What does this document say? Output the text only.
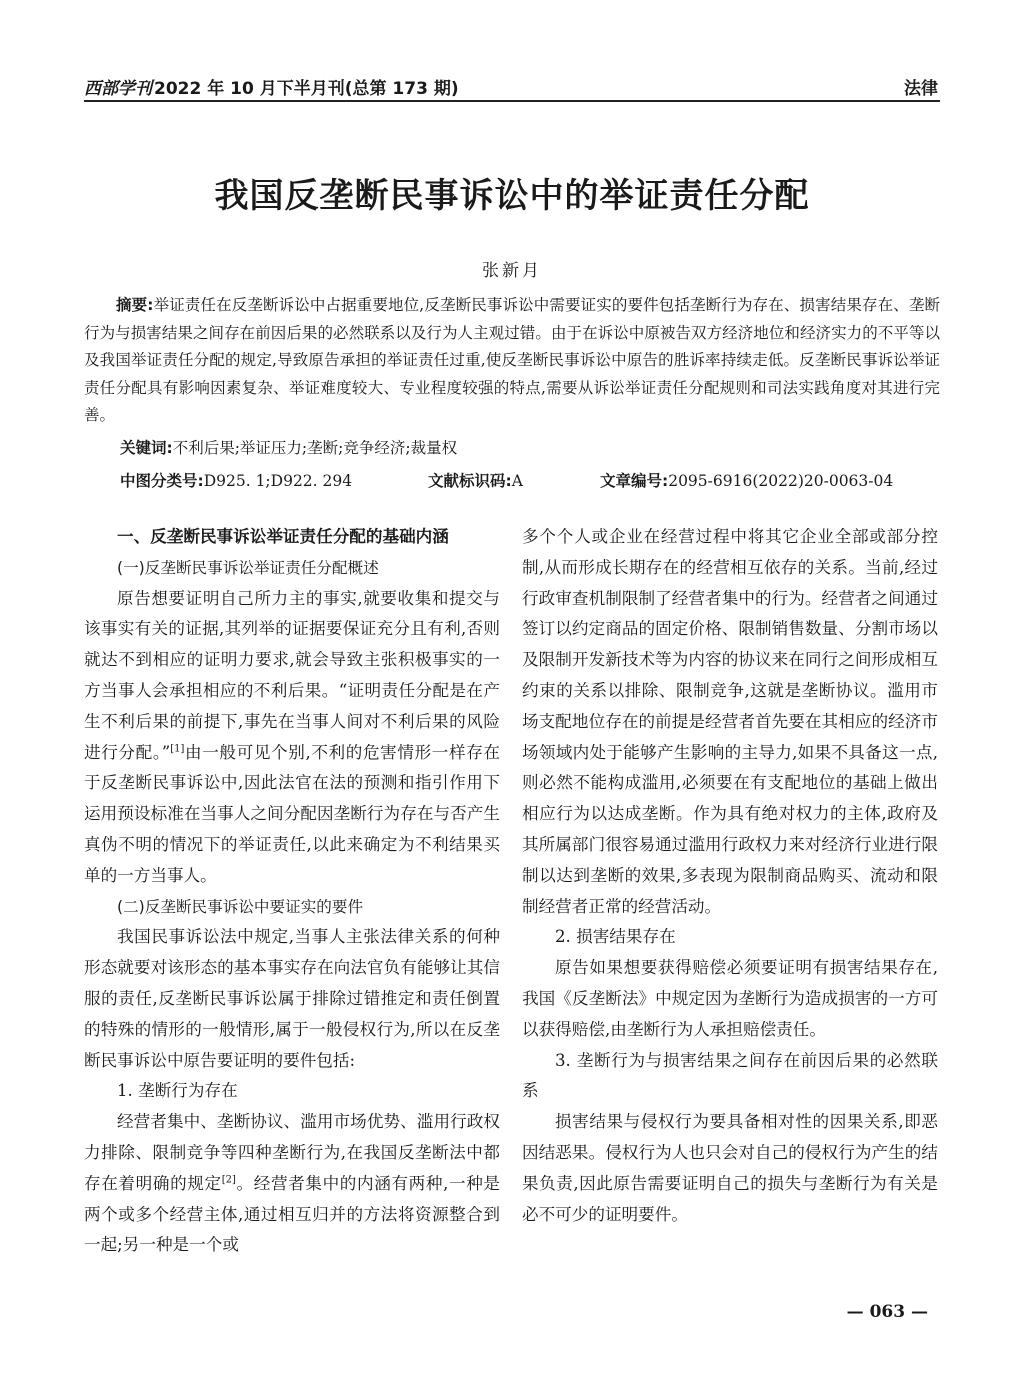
西部学刊 2022 年 10 月下半月刊(总第 173 期)	法律
我国反垄断民事诉讼中的举证责任分配
张新月
摘要:举证责任在反垄断诉讼中占据重要地位,反垄断民事诉讼中需要证实的要件包括垄断行为存在、损害结果存在、垄断行为与损害结果之间存在前因后果的必然联系以及行为人主观过错。由于在诉讼中原被告双方经济地位和经济实力的不平等以及我国举证责任分配的规定,导致原告承担的举证责任过重,使反垄断民事诉讼中原告的胜诉率持续走低。反垄断民事诉讼举证责任分配具有影响因素复杂、举证难度较大、专业程度较强的特点,需要从诉讼举证责任分配规则和司法实践角度对其进行完善。
关键词:不利后果;举证压力;垄断;竞争经济;裁量权
中图分类号:D925. 1;D922. 294	文献标识码:A	文章编号:2095-6916(2022)20-0063-04
一、反垄断民事诉讼举证责任分配的基础内涵

(一)反垄断民事诉讼举证责任分配概述

原告想要证明自己所力主的事实,就要收集和提交与该事实有关的证据,其列举的证据要保证充分且有利,否则就达不到相应的证明力要求,就会导致主张积极事实的一方当事人会承担相应的不利后果。“证明责任分配是在产生不利后果的前提下,事先在当事人间对不利后果的风险进行分配。”[1]由一般可见个别,不利的危害情形一样存在于反垄断民事诉讼中,因此法官在法的预测和指引作用下运用预设标准在当事人之间分配因垄断行为存在与否产生真伪不明的情况下的举证责任,以此来确定为不利结果买单的一方当事人。

(二)反垄断民事诉讼中要证实的要件

我国民事诉讼法中规定,当事人主张法律关系的何种形态就要对该形态的基本事实存在向法官负有能够让其信服的责任,反垄断民事诉讼属于排除过错推定和责任倒置的特殊的情形的一般情形,属于一般侵权行为,所以在反垄断民事诉讼中原告要证明的要件包括:

1. 垄断行为存在

经营者集中、垄断协议、滥用市场优势、滥用行政权力排除、限制竞争等四种垄断行为,在我国反垄断法中都存在着明确的规定[2]。经营者集中的内涵有两种,一种是两个或多个经营主体,通过相互归并的方法将资源整合到一起;另一种是一个或

多个个人或企业在经营过程中将其它企业全部或部分控制,从而形成长期存在的经营相互依存的关系。当前,经过行政审查机制限制了经营者集中的行为。经营者之间通过签订以约定商品的固定价格、限制销售数量、分割市场以及限制开发新技术等为内容的协议来在同行之间形成相互约束的关系以排除、限制竞争,这就是垄断协议。滥用市场支配地位存在的前提是经营者首先要在其相应的经济市场领域内处于能够产生影响的主导力,如果不具备这一点,则必然不能构成滥用,必须要在有支配地位的基础上做出相应行为以达成垄断。作为具有绝对权力的主体,政府及其所属部门很容易通过滥用行政权力来对经济行业进行限制以达到垄断的效果,多表现为限制商品购买、流动和限制经营者正常的经营活动。

2. 损害结果存在

原告如果想要获得赔偿必须要证明有损害结果存在,我国《反垄断法》中规定因为垄断行为造成损害的一方可以获得赔偿,由垄断行为人承担赔偿责任。

3. 垄断行为与损害结果之间存在前因后果的必然联系

损害结果与侵权行为要具备相对性的因果关系,即恶因结恶果。侵权行为人也只会对自己的侵权行为产生的结果负责,因此原告需要证明自己的损失与垄断行为有关是必不可少的证明要件。

— 063 —
